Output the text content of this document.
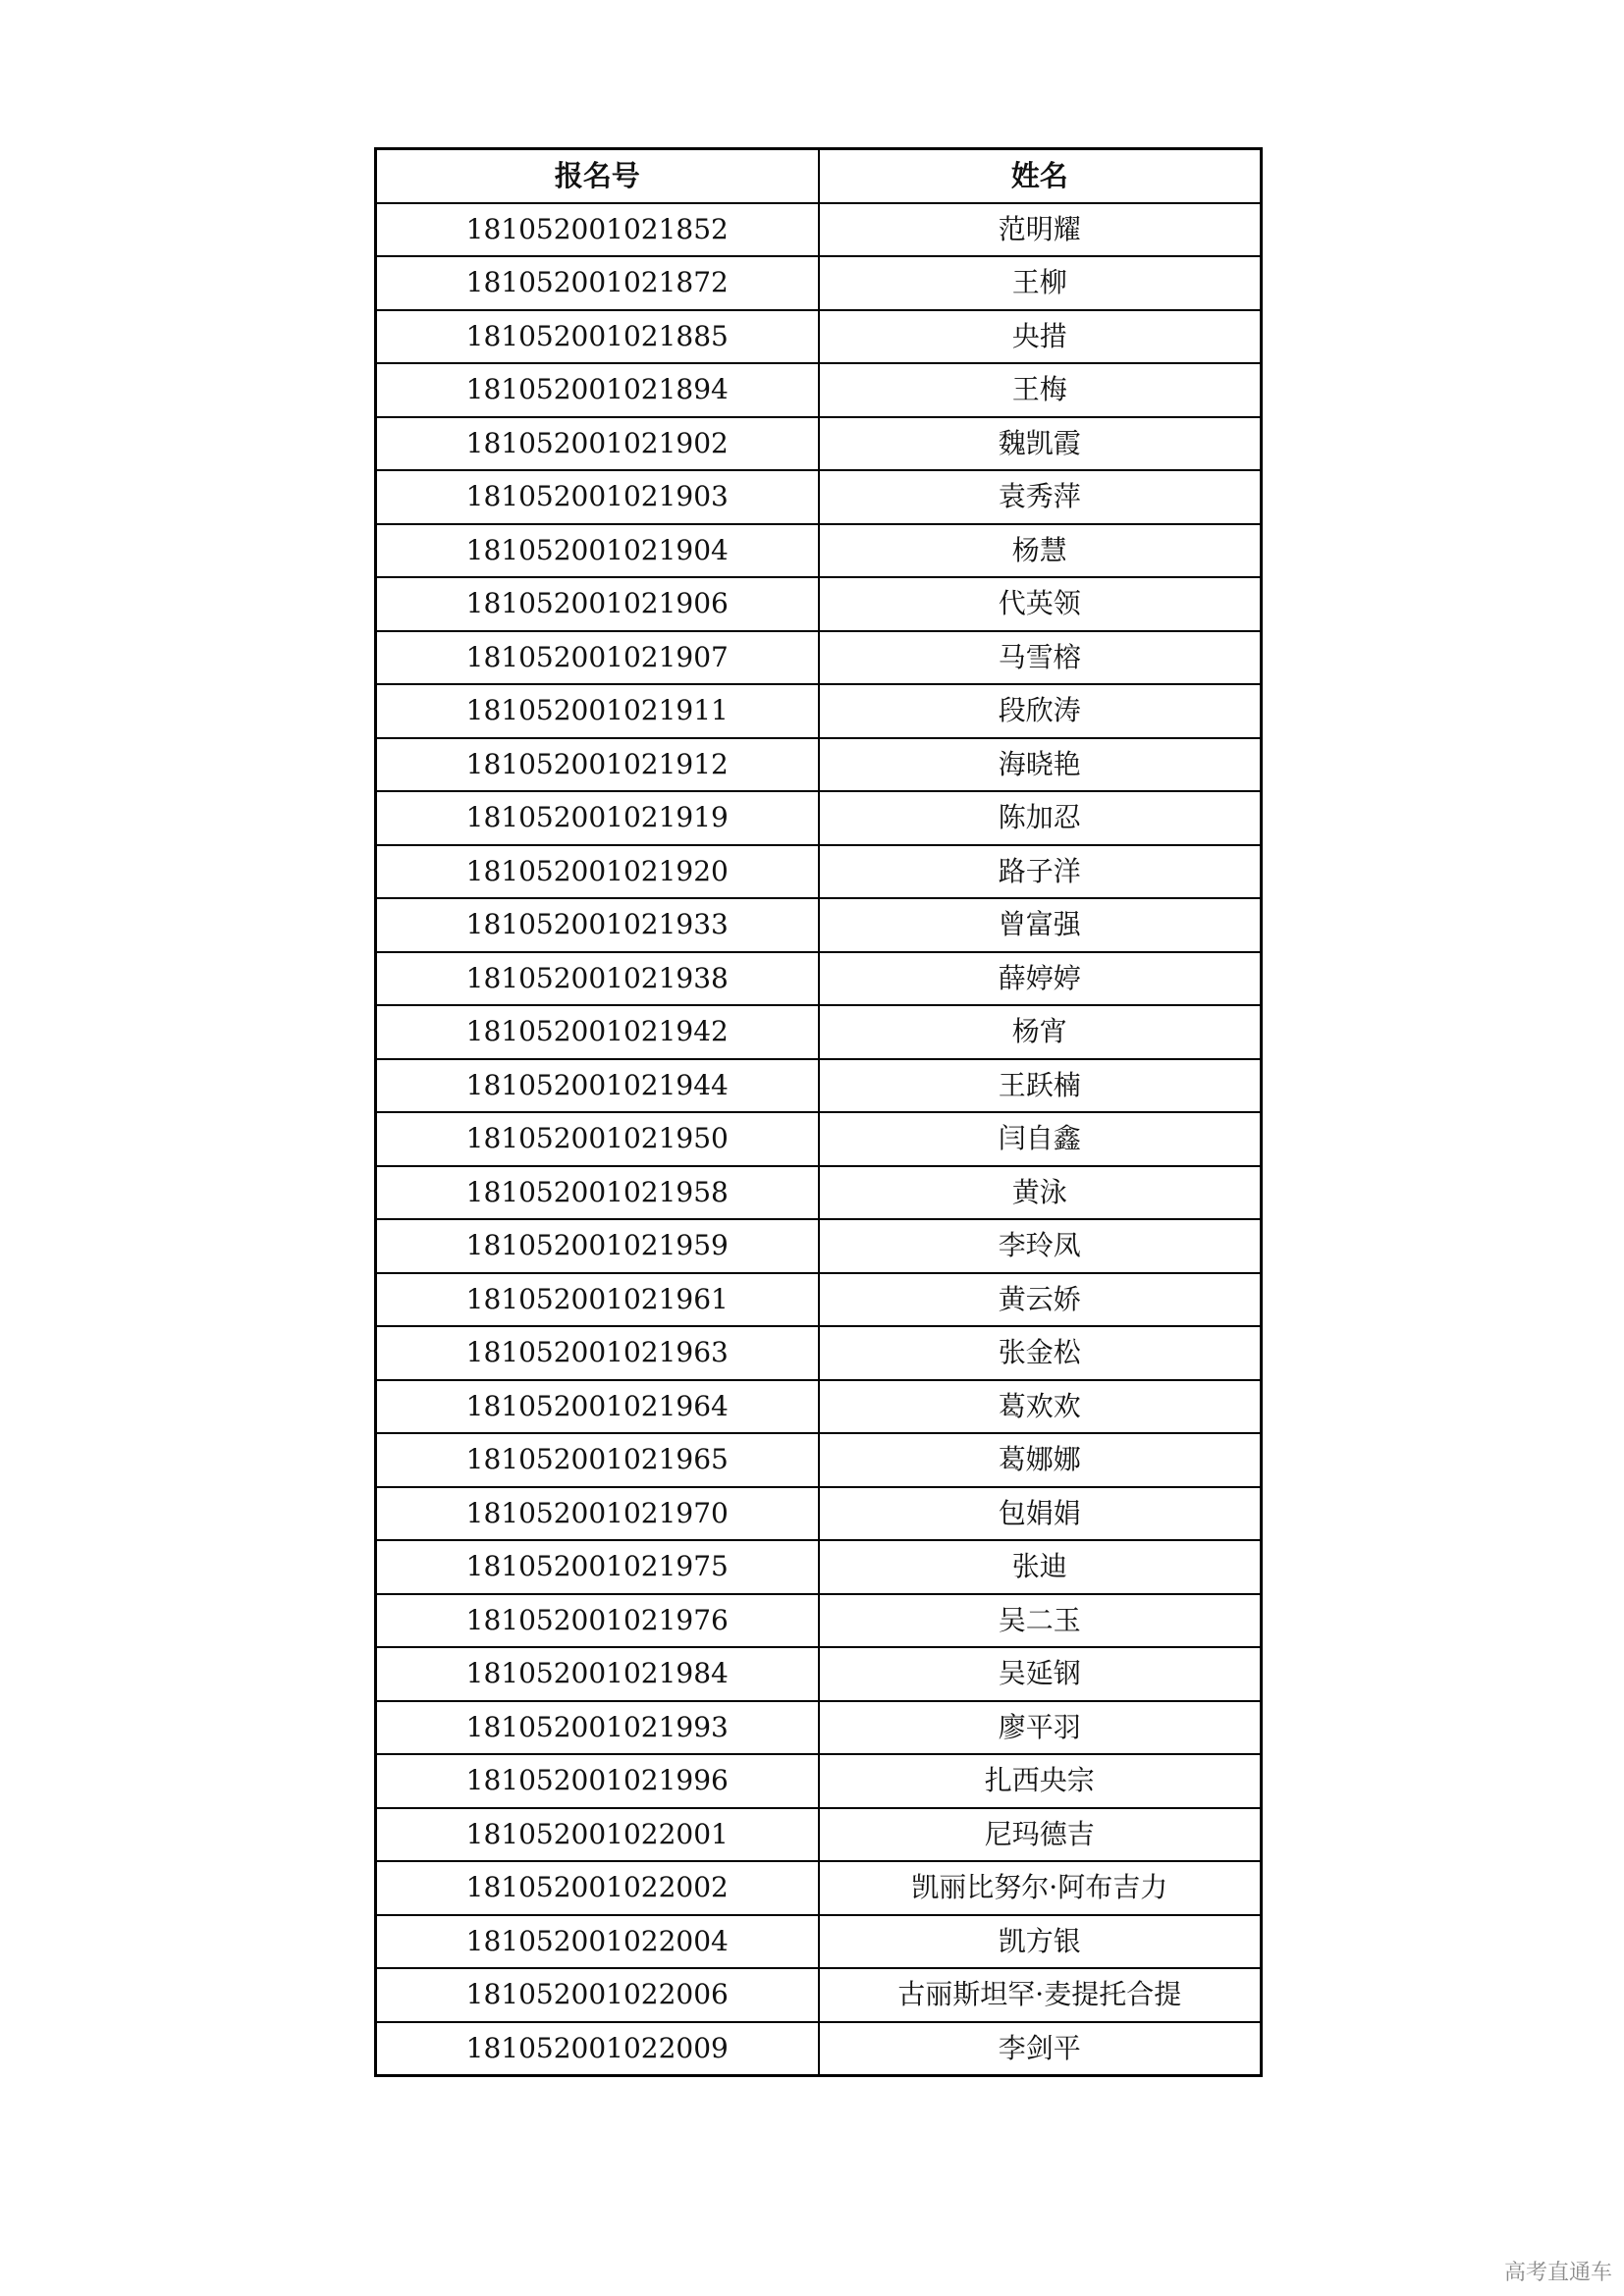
报名号	姓名
181052001021852	范明耀
181052001021872	王柳
181052001021885	央措
181052001021894	王梅
181052001021902	魏凯霞
181052001021903	袁秀萍
181052001021904	杨慧
181052001021906	代英领
181052001021907	马雪榕
181052001021911	段欣涛
181052001021912	海晓艳
181052001021919	陈加忍
181052001021920	路子洋
181052001021933	曾富强
181052001021938	薛婷婷
181052001021942	杨宵
181052001021944	王跃楠
181052001021950	闫自鑫
181052001021958	黄泳
181052001021959	李玲凤
181052001021961	黄云娇
181052001021963	张金松
181052001021964	葛欢欢
181052001021965	葛娜娜
181052001021970	包娟娟
181052001021975	张迪
181052001021976	吴二玉
181052001021984	吴延钢
181052001021993	廖平羽
181052001021996	扎西央宗
181052001022001	尼玛德吉
181052001022002	凯丽比努尔·阿布吉力
181052001022004	凯方银
181052001022006	古丽斯坦罕·麦提托合提
181052001022009	李剑平
高考直通车
